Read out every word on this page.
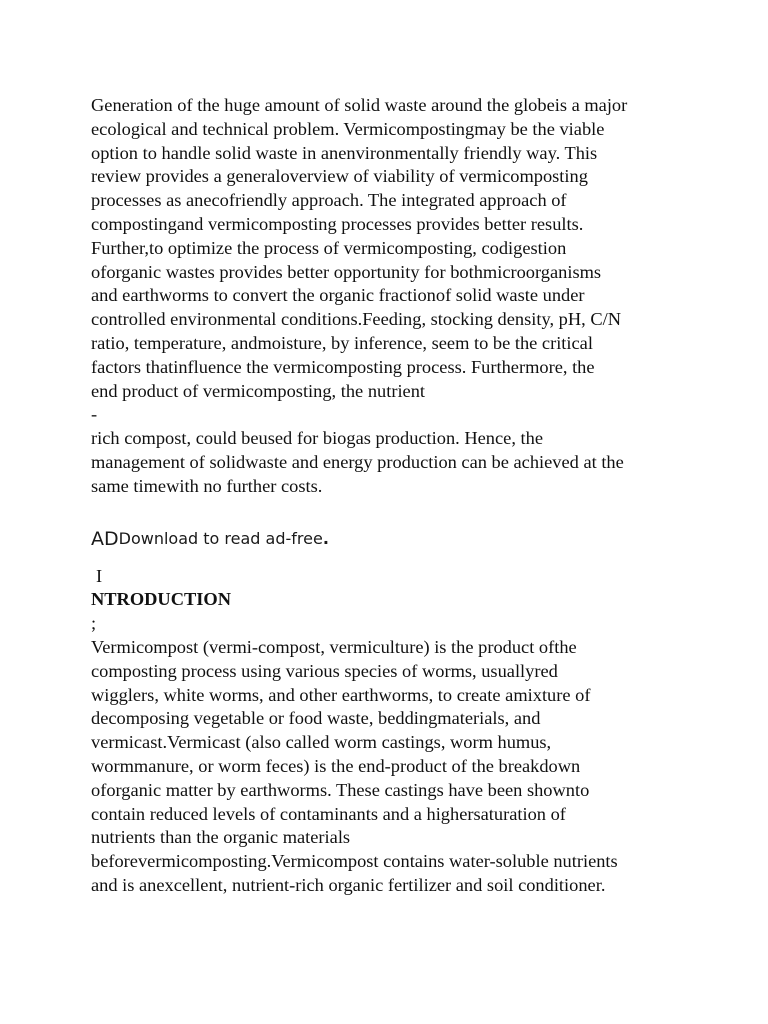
Generation of the huge amount of solid waste around the globeis a major
ecological and technical problem. Vermicompostingmay be the viable
option to handle solid waste in anenvironmentally friendly way. This
review provides a generaloverview of viability of vermicomposting
processes as anecofriendly approach. The integrated approach of
compostingand vermicomposting processes provides better results.
Further,to optimize the process of vermicomposting, codigestion
oforganic wastes provides better opportunity for bothmicroorganisms
and earthworms to convert the organic fractionof solid waste under
controlled environmental conditions.Feeding, stocking density, pH, C/N
ratio, temperature, andmoisture, by inference, seem to be the critical
factors thatinfluence the vermicomposting process. Furthermore, the
end product of vermicomposting, the nutrient
-
rich compost, could beused for biogas production. Hence, the
management of solidwaste and energy production can be achieved at the
same timewith no further costs.

AD Download to read ad-free .
I
NTRODUCTION
;

Vermicompost (vermi-compost, vermiculture) is the product ofthe
composting process using various species of worms, usuallyred
wigglers, white worms, and other earthworms, to create amixture of
decomposing vegetable or food waste, beddingmaterials, and
vermicast.Vermicast (also called worm castings, worm humus,
wormmanure, or worm feces) is the end-product of the breakdown
oforganic matter by earthworms. These castings have been shownto
contain reduced levels of contaminants and a highersaturation of
nutrients than the organic materials
beforevermicomposting.Vermicompost contains water-soluble nutrients
and is anexcellent, nutrient-rich organic fertilizer and soil conditioner.
